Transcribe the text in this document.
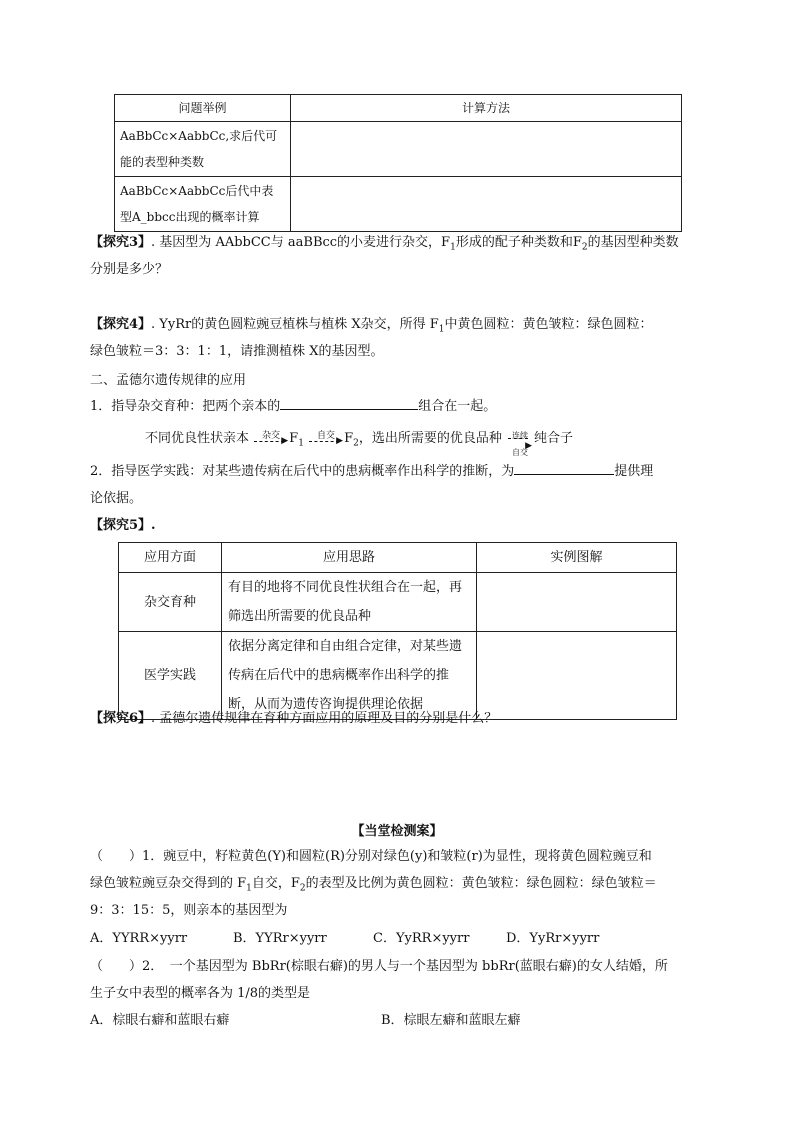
问题举例	计算方法
AaBbCc×AabbCc,求后代可能的表型种类数	
AaBbCc×AabbCc后代中表型A_bbcc出现的概率计算	
【探究3】. 基因型为 AAbbCC与 aaBBcc的小麦进行杂交，$F_1$形成的配子种类数和$F_2$的基因型种类数
分别是多少？
【探究4】. YyRr的黄色圆粒豌豆植株与植株 X杂交，所得 $F_1$中黄色圆粒：黄色皱粒：绿色圆粒：
绿色皱粒＝3：3：1：1，请推测植株 X的基因型。
二、孟德尔遗传规律的应用
1．指导杂交育种：把两个亲本的	组合在一起。
不同优良性状亲本	杂交 ▶ $F_1$
自交 ▶ $F_2$，选出所需要的优良品种	连续
▶
自交
纯合子
2．指导医学实践：对某些遗传病在后代中的患病概率作出科学的推断，为	提供理
论依据。
【探究5】.
应用方面	应用思路	实例图解
杂交育种	有目的地将不同优良性状组合在一起，再筛选出所需要的优良品种	
医学实践	依据分离定律和自由组合定律，对某些遗传病在后代中的患病概率作出科学的推断，从而为遗传咨询提供理论依据	
【探究6】. 孟德尔遗传规律在育种方面应用的原理及目的分别是什么？
【当堂检测案】
（　　）1．豌豆中，籽粒黄色(Y)和圆粒(R)分别对绿色(y)和皱粒(r)为显性，现将黄色圆粒豌豆和
绿色皱粒豌豆杂交得到的 $F_1$自交，$F_2$的表型及比例为黄色圆粒：黄色皱粒：绿色圆粒：绿色皱粒＝
9：3：15：5，则亲本的基因型为
A．YYRR×yyrr	B．YYRr×yyrr	C．YyRR×yyrr	D．YyRr×yyrr
（　　）2．　一个基因型为 BbRr(棕眼右癖)的男人与一个基因型为 bbRr(蓝眼右癖)的女人结婚，所
生子女中表型的概率各为 1/8的类型是
A．棕眼右癖和蓝眼右癖	B．棕眼左癖和蓝眼左癖
